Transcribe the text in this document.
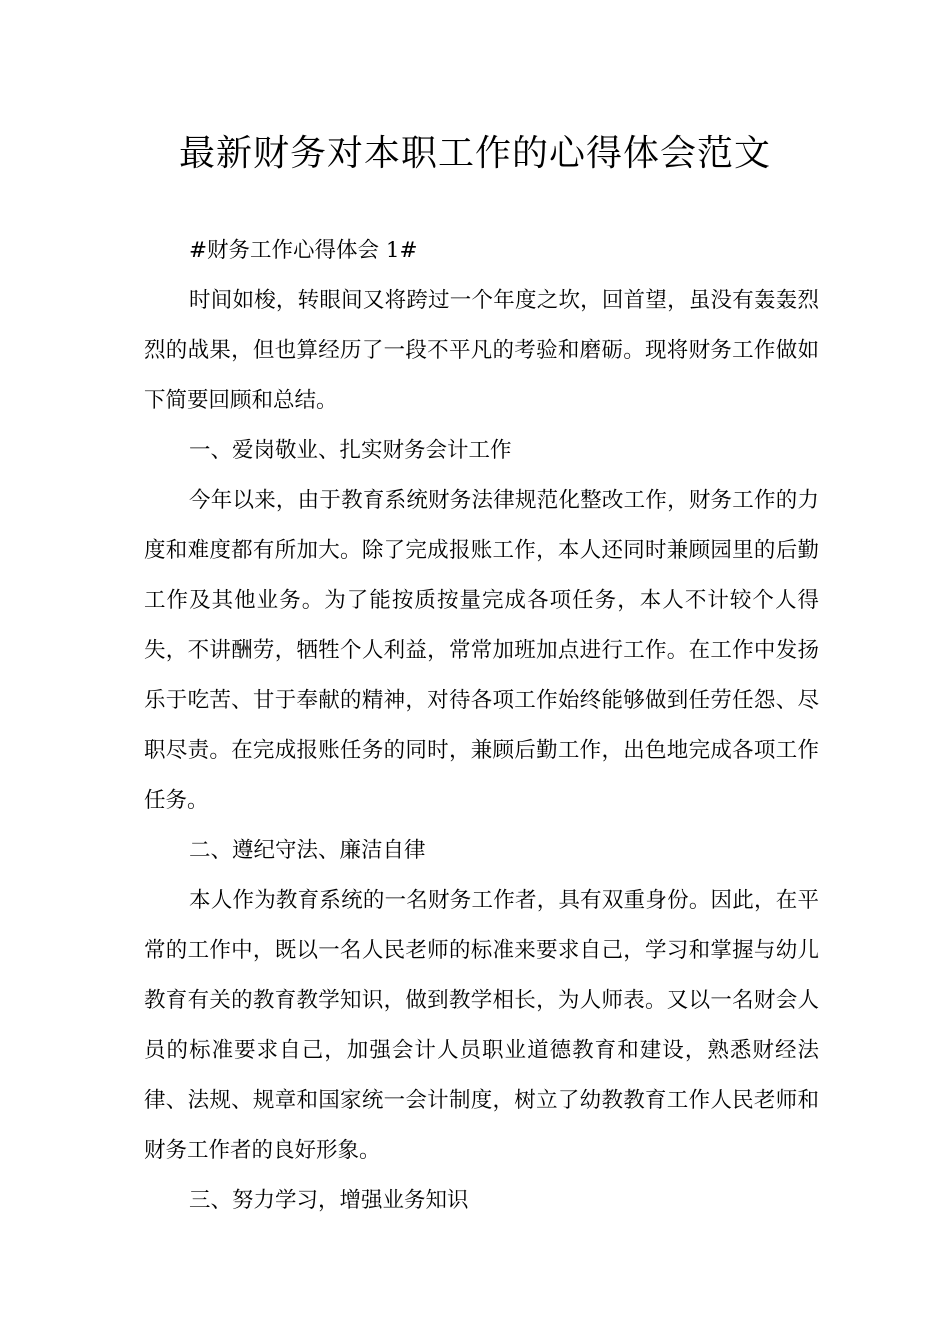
最新财务对本职工作的心得体会范文

#财务工作心得体会 1#

时间如梭，转眼间又将跨过一个年度之坎，回首望，虽没有轰轰烈烈的战果，但也算经历了一段不平凡的考验和磨砺。现将财务工作做如下简要回顾和总结。

一、爱岗敬业、扎实财务会计工作

今年以来，由于教育系统财务法律规范化整改工作，财务工作的力度和难度都有所加大。除了完成报账工作，本人还同时兼顾园里的后勤工作及其他业务。为了能按质按量完成各项任务，本人不计较个人得失，不讲酬劳，牺牲个人利益，常常加班加点进行工作。在工作中发扬乐于吃苦、甘于奉献的精神，对待各项工作始终能够做到任劳任怨、尽职尽责。在完成报账任务的同时，兼顾后勤工作，出色地完成各项工作任务。

二、遵纪守法、廉洁自律

本人作为教育系统的一名财务工作者，具有双重身份。因此，在平常的工作中，既以一名人民老师的标准来要求自己，学习和掌握与幼儿教育有关的教育教学知识，做到教学相长，为人师表。又以一名财会人员的标准要求自己，加强会计人员职业道德教育和建设，熟悉财经法律、法规、规章和国家统一会计制度，树立了幼教教育工作人民老师和财务工作者的良好形象。

三、努力学习，增强业务知识
